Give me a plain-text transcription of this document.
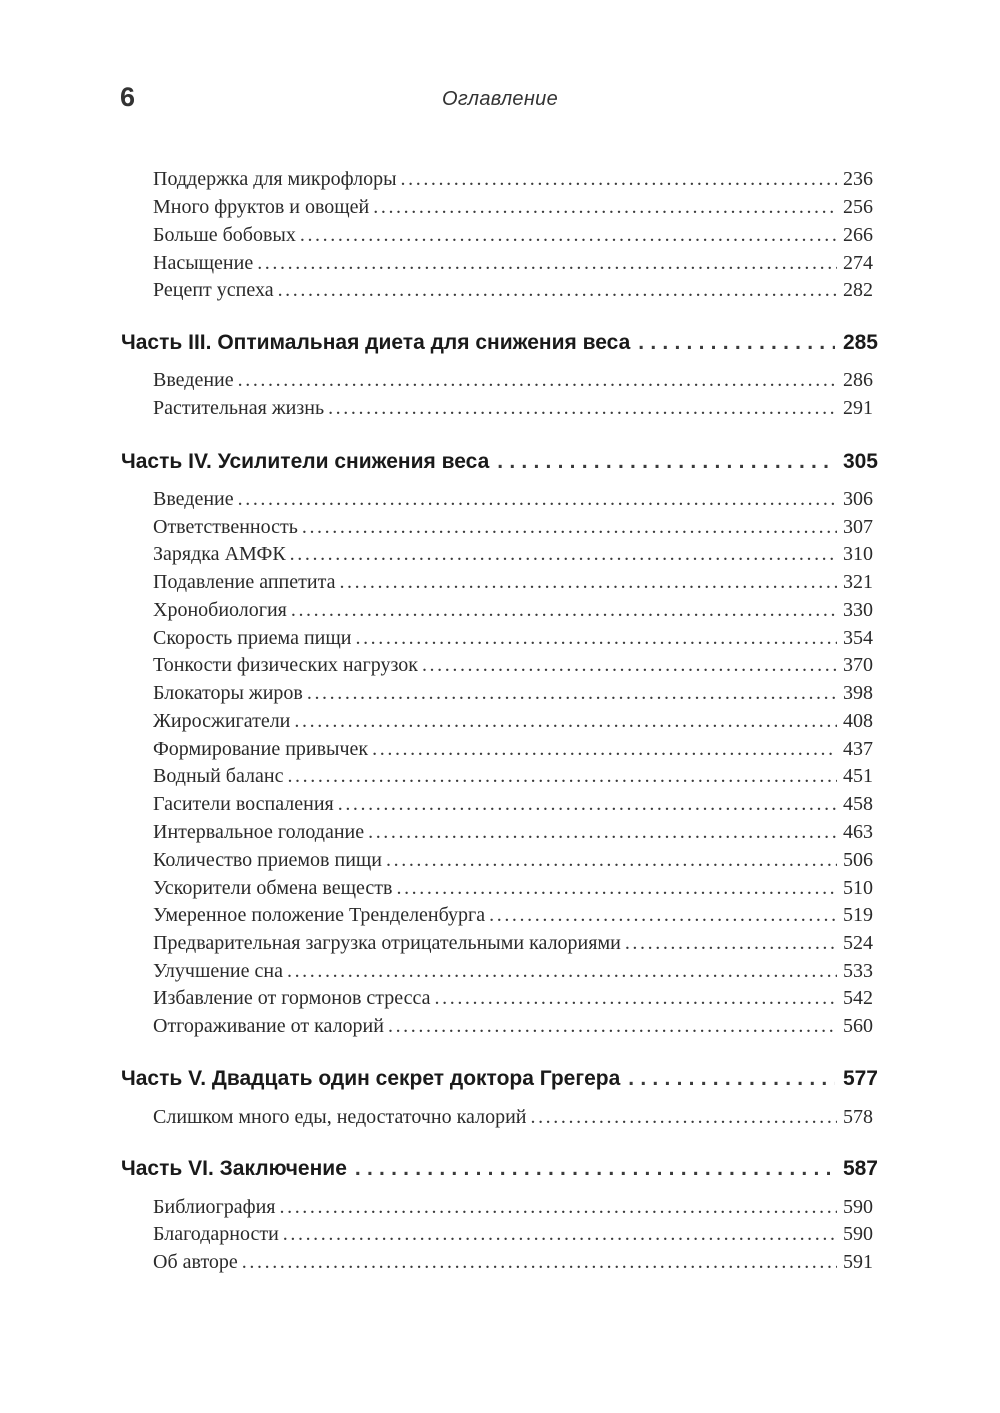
6	Оглавление
Поддержка для микрофлоры . . .	236
Много фруктов и овощей . . .	256
Больше бобовых . . .	266
Насыщение . . .	274
Рецепт успеха . . .	282
Часть III. Оптимальная диета для снижения веса . . .	285
Введение . . .	286
Растительная жизнь . . .	291
Часть IV. Усилители снижения веса . . .	305
Введение . . .	306
Ответственность . . .	307
Зарядка АМФК . . .	310
Подавление аппетита . . .	321
Хронобиология . . .	330
Скорость приема пищи . . .	354
Тонкости физических нагрузок . . .	370
Блокаторы жиров . . .	398
Жиросжигатели . . .	408
Формирование привычек . . .	437
Водный баланс . . .	451
Гасители воспаления . . .	458
Интервальное голодание . . .	463
Количество приемов пищи . . .	506
Ускорители обмена веществ . . .	510
Умеренное положение Тренделенбурга . . .	519
Предварительная загрузка отрицательными калориями . . .	524
Улучшение сна . . .	533
Избавление от гормонов стресса . . .	542
Отгораживание от калорий . . .	560
Часть V. Двадцать один секрет доктора Грегера . . .	577
Слишком много еды, недостаточно калорий . . .	578
Часть VI. Заключение . . .	587
Библиография . . .	590
Благодарности . . .	590
Об авторе . . .	591
